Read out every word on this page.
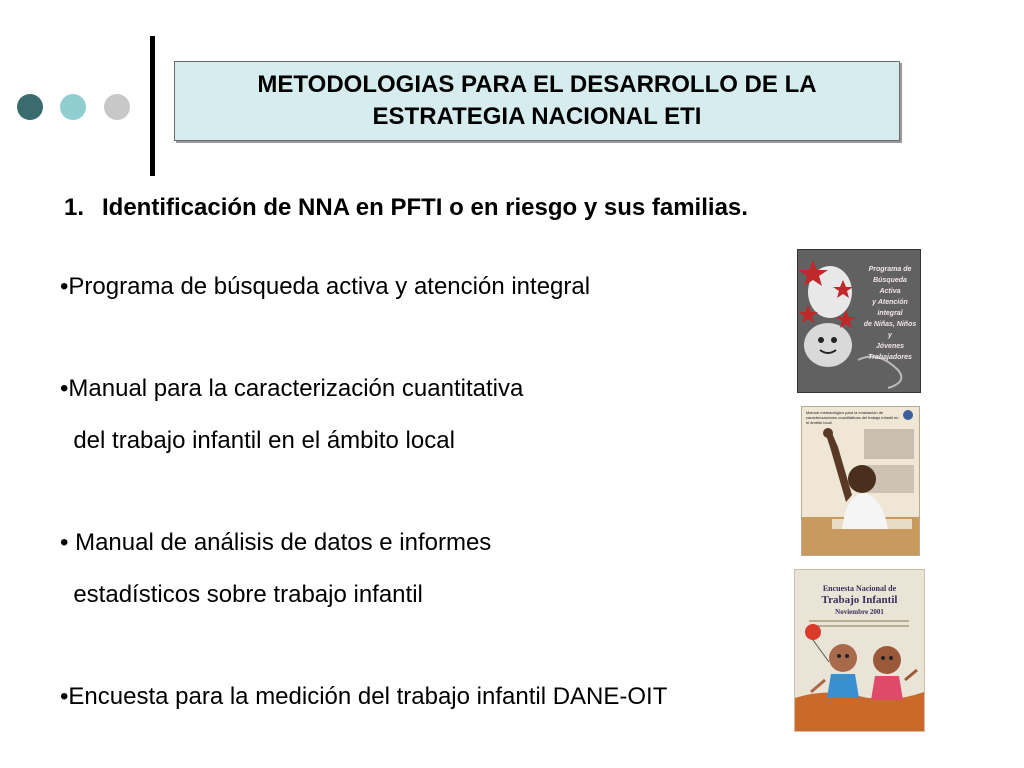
METODOLOGIAS PARA EL DESARROLLO DE LA
ESTRATEGIA NACIONAL ETI
1. Identificación de NNA en PFTI o en riesgo y sus familias.
•Programa de búsqueda activa y atención integral
•Manual para la caracterización cuantitativa
del trabajo infantil en el ámbito local
• Manual de análisis de datos e informes
estadísticos sobre trabajo infantil
•Encuesta para la medición del trabajo infantil DANE-OIT
Programa de
Búsqueda Activa
y Atención integral
de Niñas, Niños y
Jóvenes Trabajadores
Manual metodológico para la evaluación de caracterizaciones cuantitativas del trabajo infantil en el ámbito local
Encuesta Nacional de
Trabajo Infantil
Noviembre 2001
